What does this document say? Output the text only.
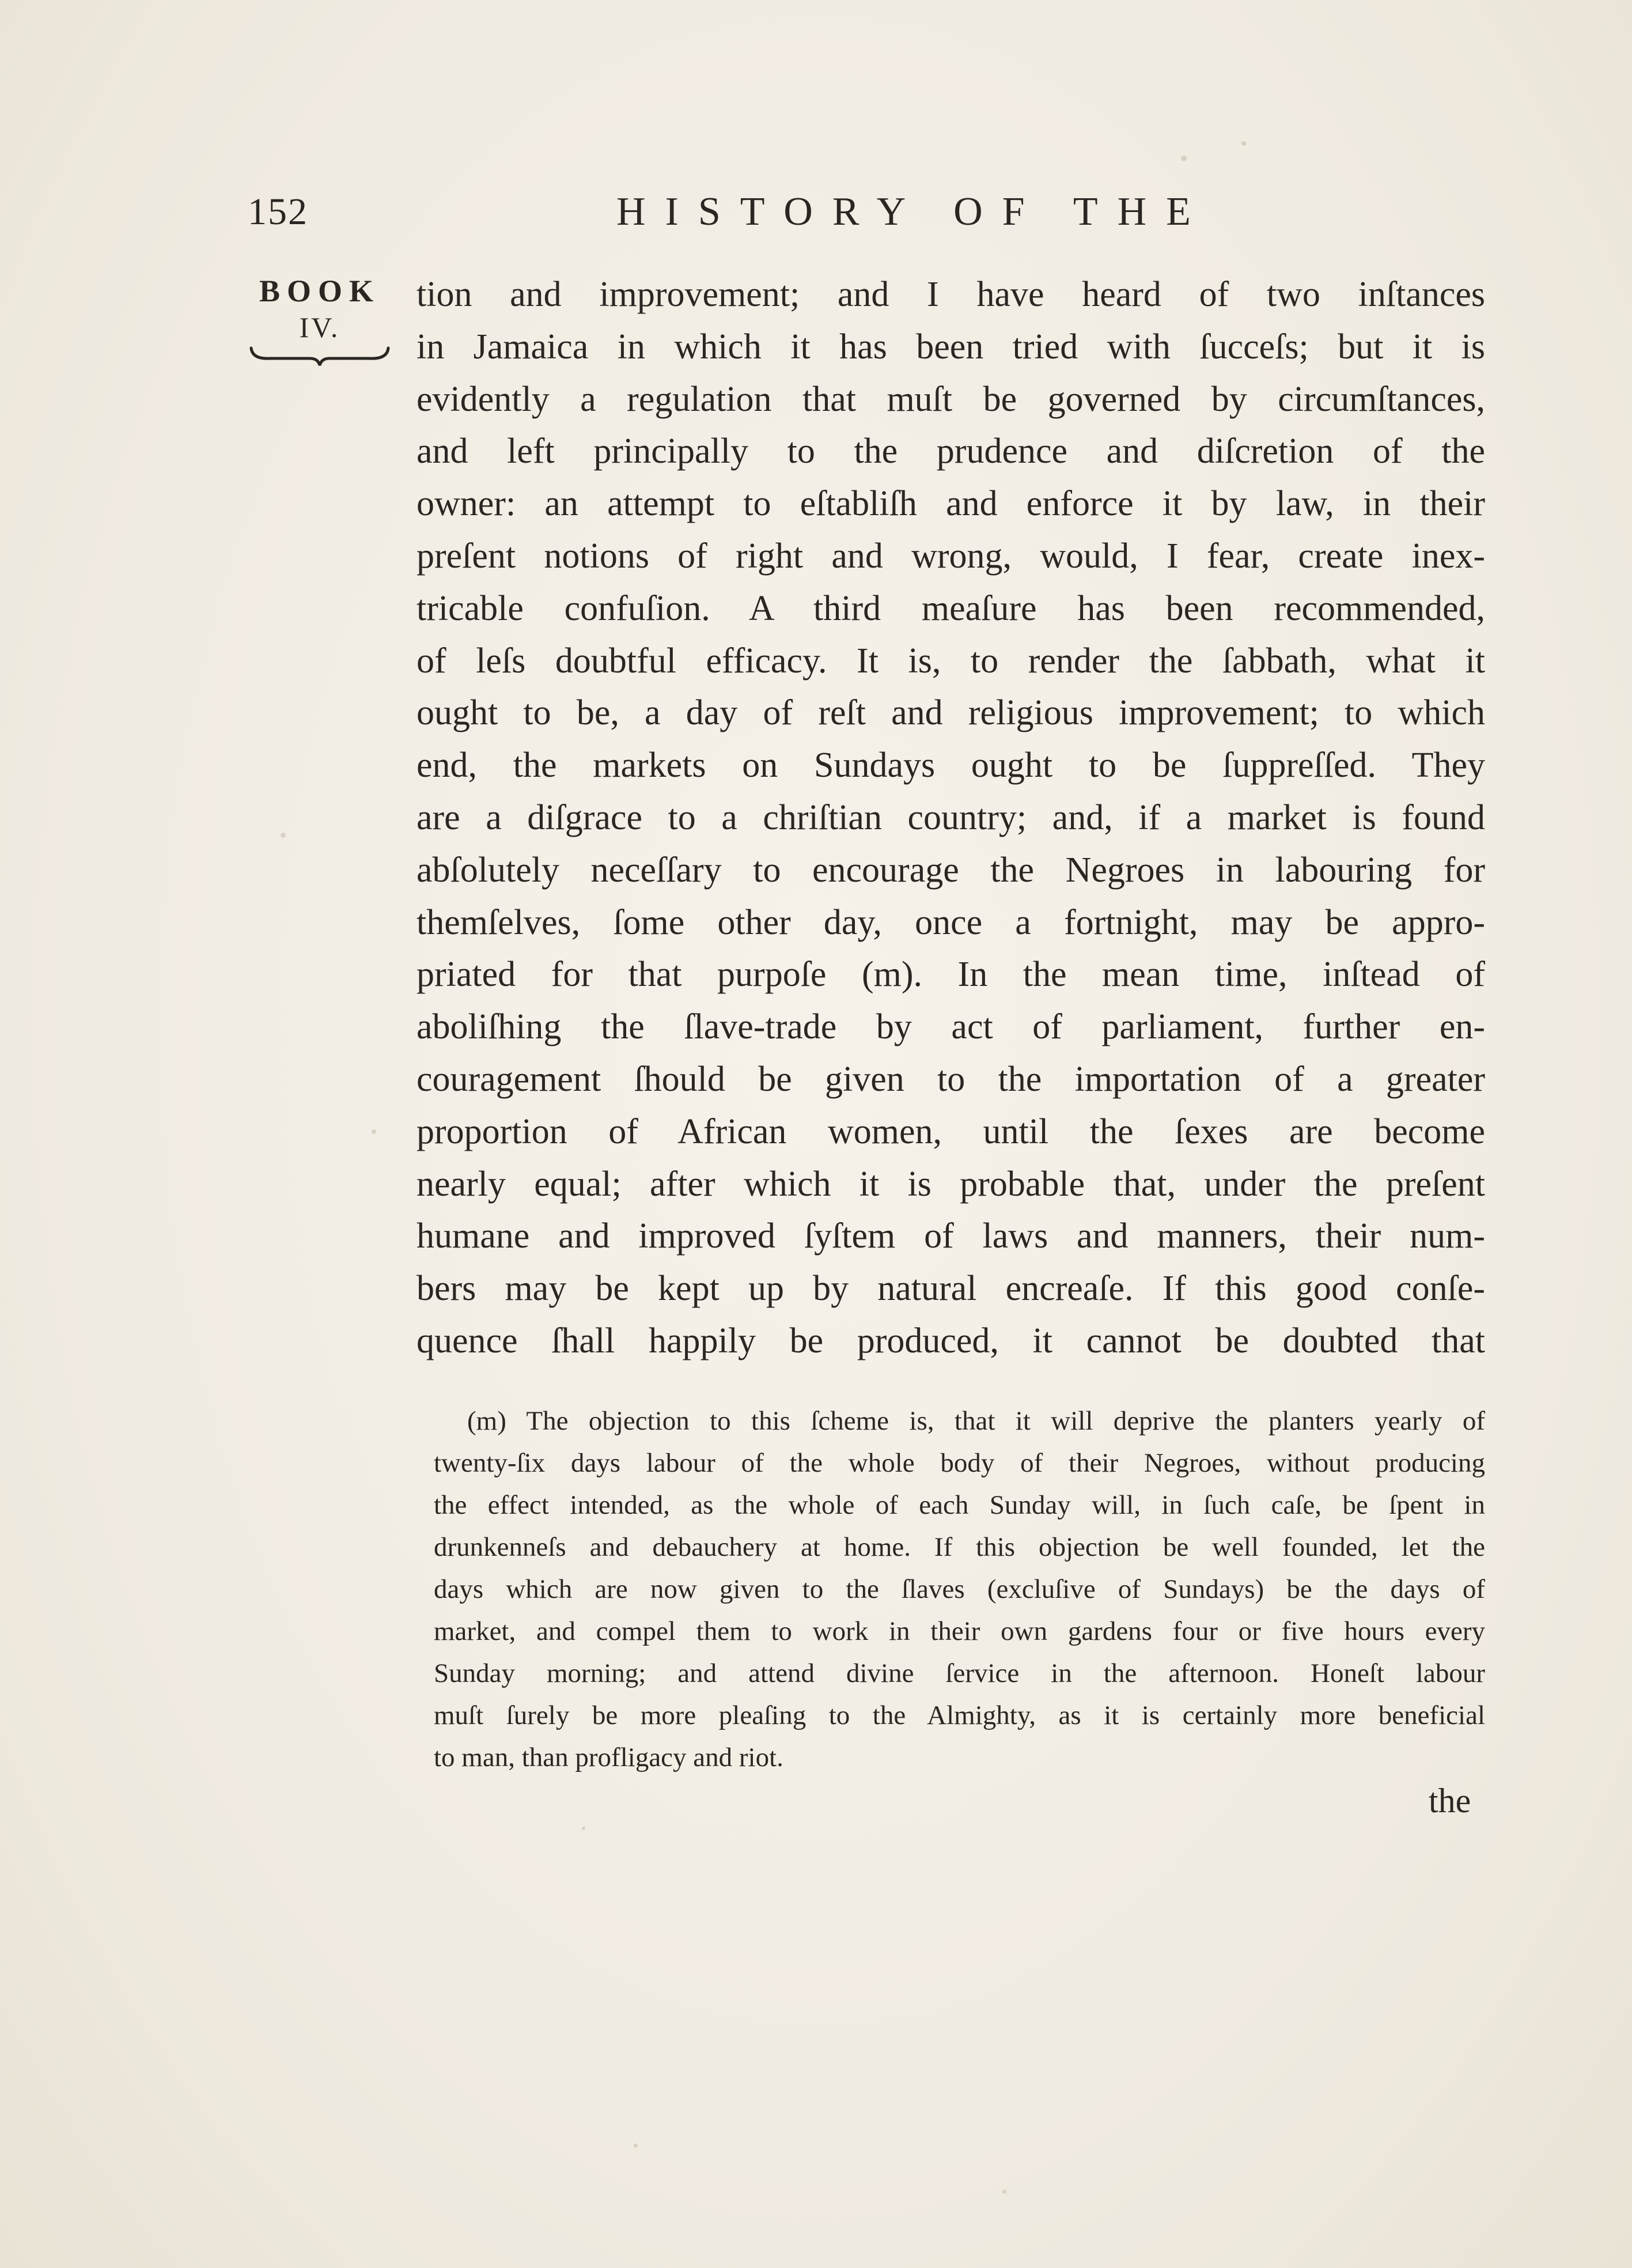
152	HISTORY OF THE
BOOK
IV.
tion and improvement; and I have heard of two inſtances
in Jamaica in which it has been tried with ſucceſs; but it is
evidently a regulation that muſt be governed by circumſtances,
and left principally to the prudence and diſcretion of the
owner: an attempt to eſtabliſh and enforce it by law, in their
preſent notions of right and wrong, would, I fear, create inex-
tricable confuſion. A third meaſure has been recommended,
of leſs doubtful efficacy. It is, to render the ſabbath, what it
ought to be, a day of reſt and religious improvement; to which
end, the markets on Sundays ought to be ſuppreſſed. They
are a diſgrace to a chriſtian country; and, if a market is found
abſolutely neceſſary to encourage the Negroes in labouring for
themſelves, ſome other day, once a fortnight, may be appro-
priated for that purpoſe (m). In the mean time, inſtead of
aboliſhing the ſlave-trade by act of parliament, further en-
couragement ſhould be given to the importation of a greater
proportion of African women, until the ſexes are become
nearly equal; after which it is probable that, under the preſent
humane and improved ſyſtem of laws and manners, their num-
bers may be kept up by natural encreaſe. If this good conſe-
quence ſhall happily be produced, it cannot be doubted that
(m) The objection to this ſcheme is, that it will deprive the planters yearly of
twenty-ſix days labour of the whole body of their Negroes, without producing
the effect intended, as the whole of each Sunday will, in ſuch caſe, be ſpent in
drunkenneſs and debauchery at home. If this objection be well founded, let the
days which are now given to the ſlaves (excluſive of Sundays) be the days of
market, and compel them to work in their own gardens four or five hours every
Sunday morning; and attend divine ſervice in the afternoon. Honeſt labour
muſt ſurely be more pleaſing to the Almighty, as it is certainly more beneficial
to man, than profligacy and riot.
the
